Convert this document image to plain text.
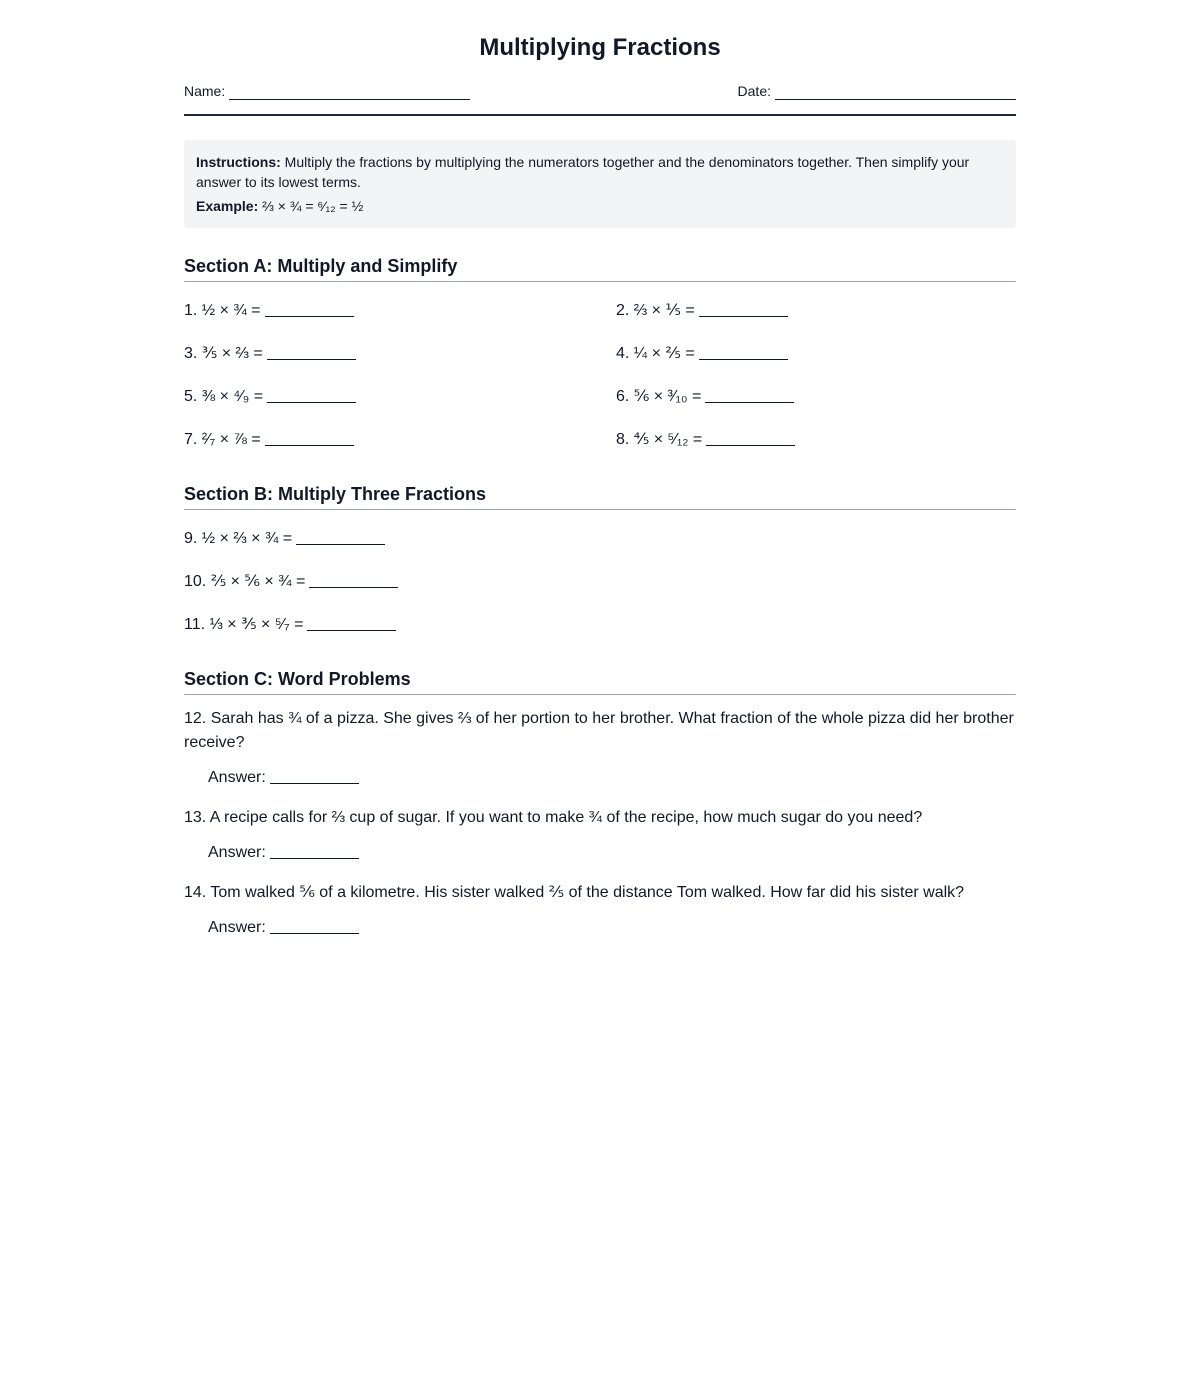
Multiplying Fractions
Name:	Date:

Instructions: Multiply the fractions by multiplying the numerators together and the denominators together. Then simplify your answer to its lowest terms.

Example: ⅔ × ¾ = ⁶⁄₁₂ = ½

Section A: Multiply and Simplify
1. ½ × ¾ =	2. ⅔ × ⅕ =
3. ⅗ × ⅔ =	4. ¼ × ⅖ =
5. ⅜ × ⁴⁄₉ =	6. ⅚ × ³⁄₁₀ =
7. ²⁄₇ × ⅞ =	8. ⅘ × ⁵⁄₁₂ =
Section B: Multiply Three Fractions
9. ½ × ⅔ × ¾ =
10. ⅖ × ⅚ × ¾ =
11. ⅓ × ⅗ × ⁵⁄₇ =
Section C: Word Problems
12. Sarah has ¾ of a pizza. She gives ⅔ of her portion to her brother. What fraction of the whole pizza did her brother receive?
Answer:
13. A recipe calls for ⅔ cup of sugar. If you want to make ¾ of the recipe, how much sugar do you need?
Answer:
14. Tom walked ⅚ of a kilometre. His sister walked ⅖ of the distance Tom walked. How far did his sister walk?
Answer:
